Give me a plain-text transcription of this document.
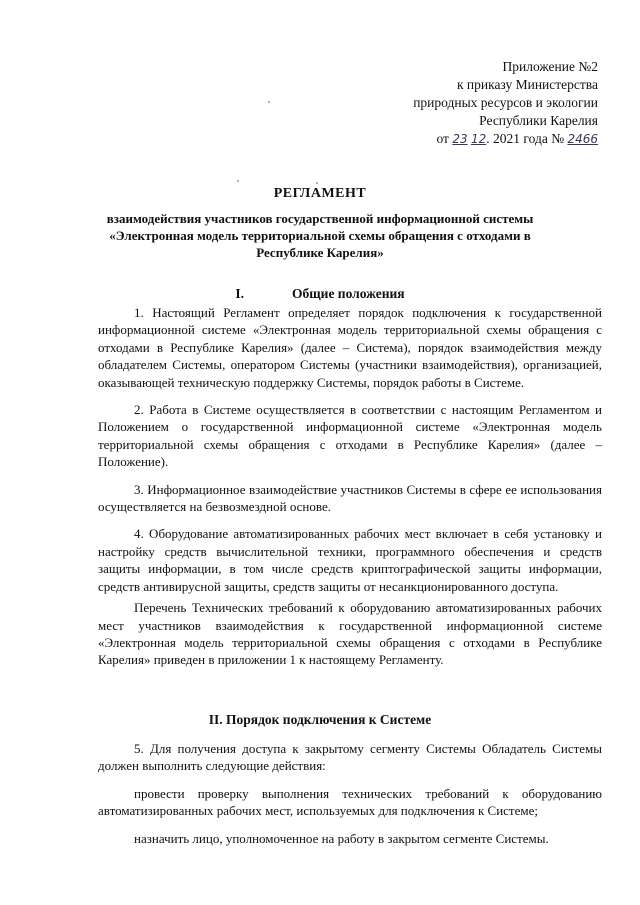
Приложение №2
к приказу Министерства
природных ресурсов и экологии
Республики Карелия
от 23 12. 2021 года № 2466
РЕГЛАМЕНТ
взаимодействия участников государственной информационной системы «Электронная модель территориальной схемы обращения с отходами в Республике Карелия»
I.	Общие положения

1. Настоящий Регламент определяет порядок подключения к государственной информационной системе «Электронная модель территориальной схемы обращения с отходами в Республике Карелия» (далее – Система), порядок взаимодействия между обладателем Системы, оператором Системы (участники взаимодействия), организацией, оказывающей техническую поддержку Системы, порядок работы в Системе.

2. Работа в Системе осуществляется в соответствии с настоящим Регламентом и Положением о государственной информационной системе «Электронная модель территориальной схемы обращения с отходами в Республике Карелия» (далее – Положение).

3. Информационное взаимодействие участников Системы в сфере ее использования осуществляется на безвозмездной основе.

4. Оборудование автоматизированных рабочих мест включает в себя установку и настройку средств вычислительной техники, программного обеспечения и средств защиты информации, в том числе средств криптографической защиты информации, средств антивирусной защиты, средств защиты от несанкционированного доступа.

Перечень Технических требований к оборудованию автоматизированных рабочих мест участников взаимодействия к государственной информационной системе «Электронная модель территориальной схемы обращения с отходами в Республике Карелия» приведен в приложении 1 к настоящему Регламенту.

II. Порядок подключения к Системе

5. Для получения доступа к закрытому сегменту Системы Обладатель Системы должен выполнить следующие действия:

провести проверку выполнения технических требований к оборудованию автоматизированных рабочих мест, используемых для подключения к Системе;

назначить лицо, уполномоченное на работу в закрытом сегменте Системы.
